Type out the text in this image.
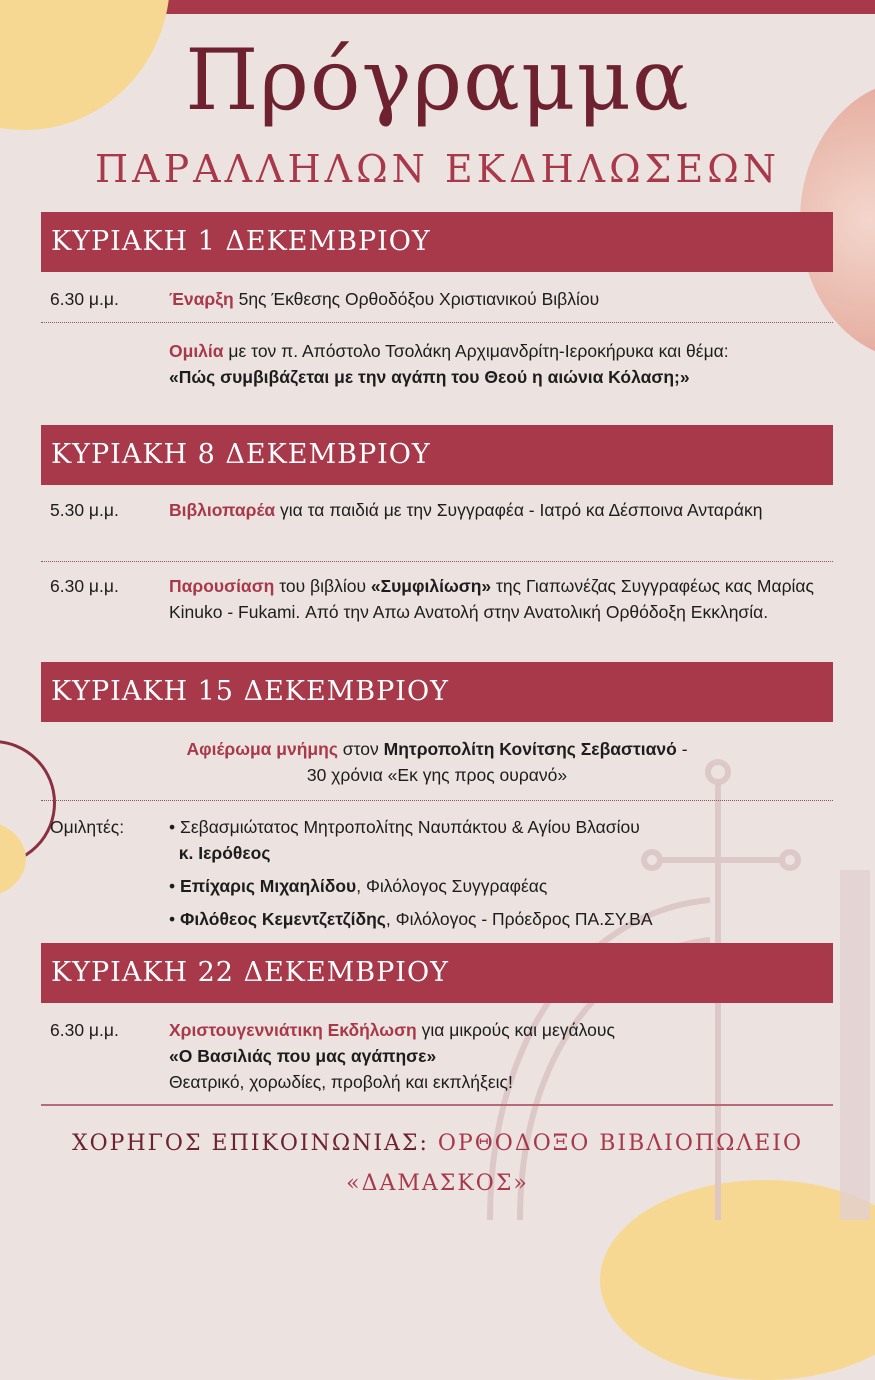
Πρόγραμμα
ΠΑΡΑΛΛΗΛΩΝ ΕΚΔΗΛΩΣΕΩΝ
ΚΥΡΙΑΚΗ 1 ΔΕΚΕΜΒΡΙΟΥ
6.30 μ.μ.	Έναρξη 5ης Έκθεσης Ορθοδόξου Χριστιανικού Βιβλίου
Ομιλία με τον π. Απόστολο Τσολάκη Αρχιμανδρίτη-Ιεροκήρυκα και θέμα:
«Πώς συμβιβάζεται με την αγάπη του Θεού η αιώνια Κόλαση;»
ΚΥΡΙΑΚΗ 8 ΔΕΚΕΜΒΡΙΟΥ
5.30 μ.μ.	Βιβλιοπαρέα για τα παιδιά με την Συγγραφέα - Ιατρό κα Δέσποινα Ανταράκη
6.30 μ.μ.	Παρουσίαση του βιβλίου «Συμφιλίωση» της Γιαπωνέζας Συγγραφέως κας Μαρίας Kinuko - Fukami. Από την Απω Ανατολή στην Ανατολική Ορθόδοξη Εκκλησία.
ΚΥΡΙΑΚΗ 15 ΔΕΚΕΜΒΡΙΟΥ
Αφιέρωμα μνήμης στον Μητροπολίτη Κονίτσης Σεβαστιανό -
30 χρόνια «Εκ γης προς ουρανό»
Ομιλητές:	• Σεβασμιώτατος Μητροπολίτης Ναυπάκτου & Αγίου Βλασίου
κ. Ιερόθεος
• Επίχαρις Μιχαηλίδου, Φιλόλογος Συγγραφέας
• Φιλόθεος Κεμεντζετζίδης, Φιλόλογος - Πρόεδρος ΠΑ.ΣΥ.ΒΑ
ΚΥΡΙΑΚΗ 22 ΔΕΚΕΜΒΡΙΟΥ
6.30 μ.μ.	Χριστουγεννιάτικη Εκδήλωση για μικρούς και μεγάλους
«Ο Βασιλιάς που μας αγάπησε»
Θεατρικό, χορωδίες, προβολή και εκπλήξεις!
ΧΟΡΗΓΟΣ ΕΠΙΚΟΙΝΩΝΙΑΣ: ΟΡΘΟΔΟΞΟ ΒΙΒΛΙΟΠΩΛΕΙΟ «ΔΑΜΑΣΚΟΣ»
